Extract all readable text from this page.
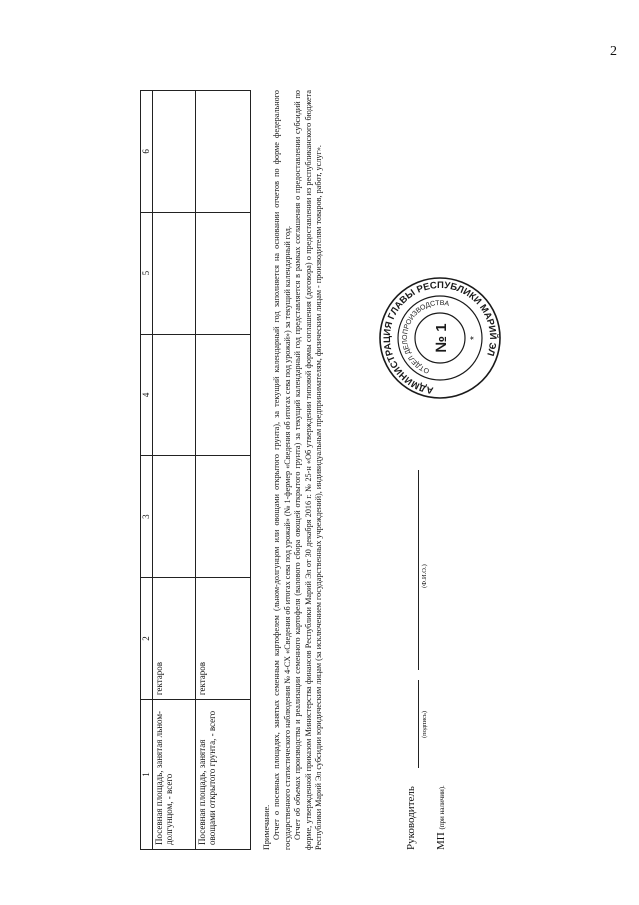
2
1	2	3	4	5	6
Посевная площадь, занятая льном-долгунцом, - всего	гектаров				
Посевная площадь, занятая овощами открытого грунта, - всего	гектаров				

Примечание. Отчет о посевных площадях, занятых семенным картофелем (льном-долгунцом или овощами открытого грунта), за текущий календарный год заполняется на основании отчетов по форме федерального государственного статистического наблюдения № 4-СХ «Сведения об итогах сева под урожай» (№ 1-фермер «Сведения об итогах сева под урожай») за текущий календарный год. Отчет об объемах производства и реализации семенного картофеля (валового сбора овощей открытого грунта) за текущий календарный год представляется в рамках соглашения о предоставлении субсидий по форме, утвержденной приказом Министерства финансов Республики Марий Эл от 30 декабря 2016 г. № 25-н «Об утверждении типовой формы соглашения (договора) о предоставлении из республиканского бюджета Республики Марий Эл субсидии юридическим лицам (за исключением государственных учреждений), индивидуальным предпринимателям, физическим лицам - производителям товаров, работ, услуг».	Руководитель
(подпись)
(Ф.И.О.)
МП (при наличии).
АДМИНИСТРАЦИЯ ГЛАВЫ РЕСПУБЛИКИ МАРИЙ ЭЛ
ОТДЕЛ ДЕЛОПРОИЗВОДСТВА
№ 1 *
